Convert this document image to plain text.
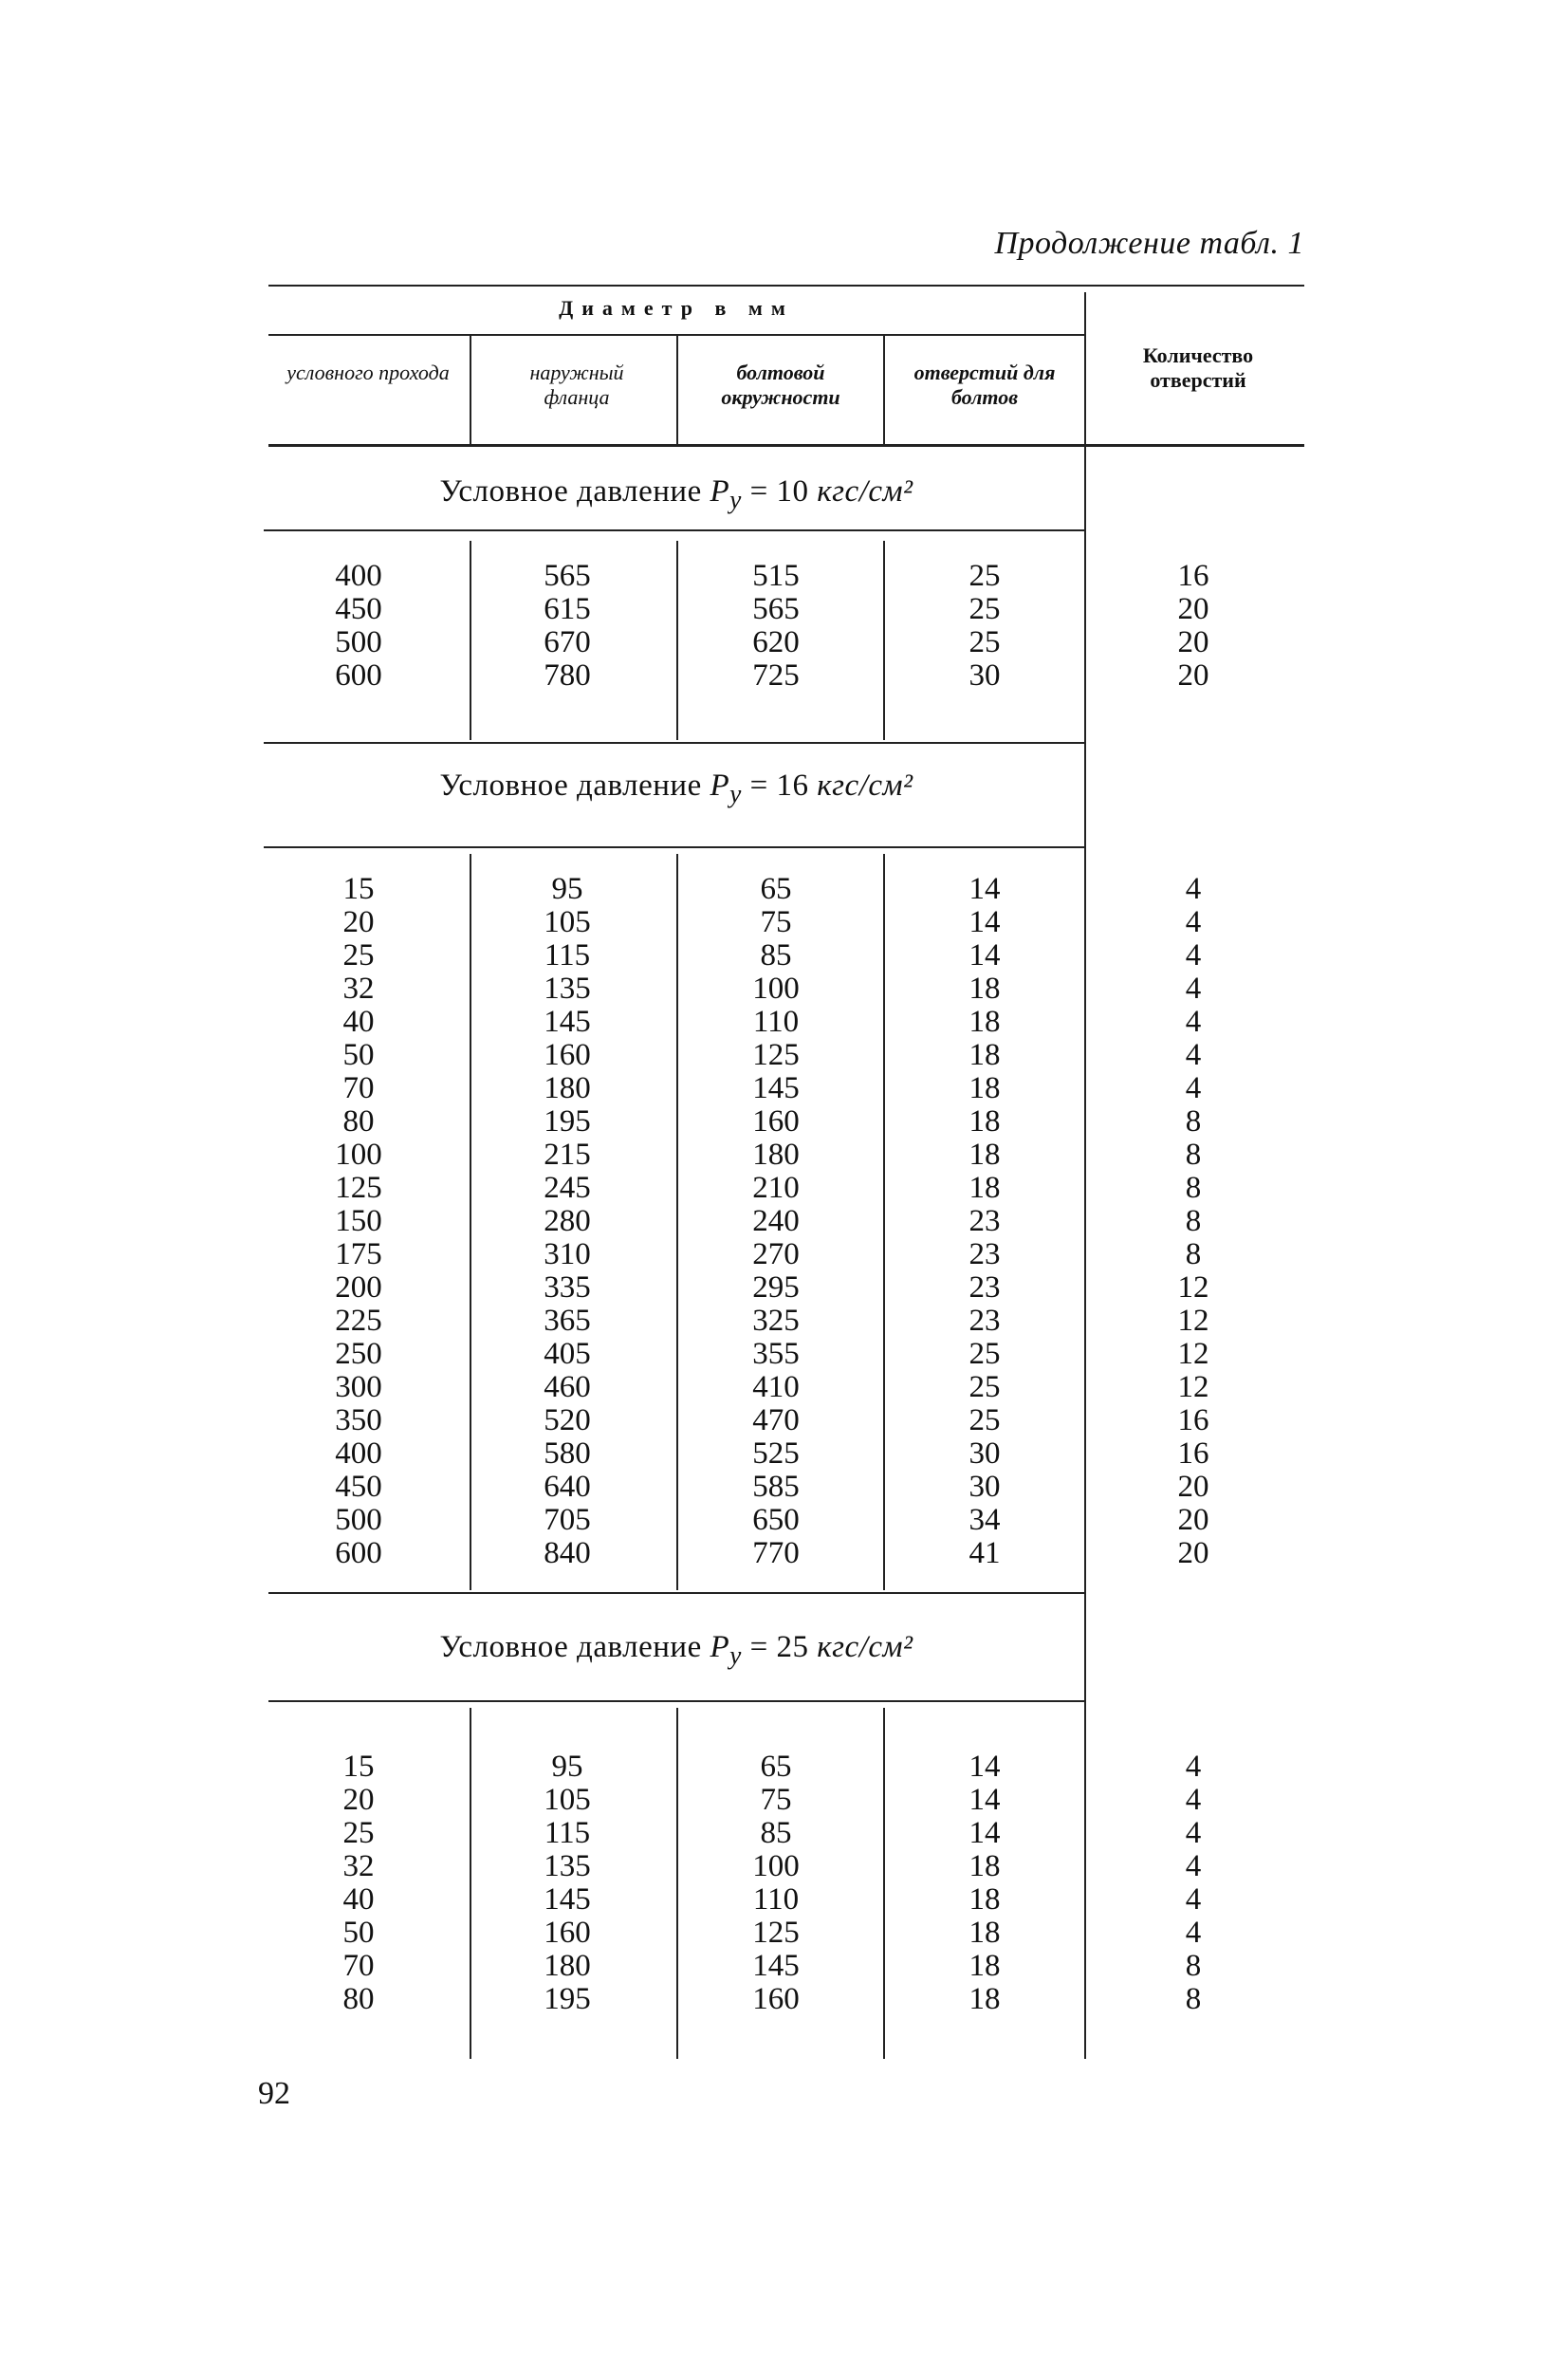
Продолжение табл. 1
Диаметр в мм
условного прохода	наружный фланца
болтовой окружности
отверстий для болтов
Количество отверстий
Условное давление $P_у = 10$ кгс/см²
400
450
500
600
565
615
670
780
515
565
620
725
25
25
25
30
16
20
20
20
Условное давление $P_у = 16$ кгс/см²
15
20
25
32
40
50
70
80
100
125
150
175
200
225
250
300
350
400
450
500
600
95
105
115
135
145
160
180
195
215
245
280
310
335
365
405
460
520
580
640
705
840
65
75
85
100
110
125
145
160
180
210
240
270
295
325
355
410
470
525
585
650
770
14
14
14
18
18
18
18
18
18
18
23
23
23
23
25
25
25
30
30
34
41
4
4
4
4
4
4
4
8
8
8
8
8
12
12
12
12
16
16
20
20
20
Условное давление $P_у = 25$ кгс/см²
15
20
25
32
40
50
70
80
95
105
115
135
145
160
180
195
65
75
85
100
110
125
145
160
14
14
14
18
18
18
18
18
4
4
4
4
4
4
8
8
92
